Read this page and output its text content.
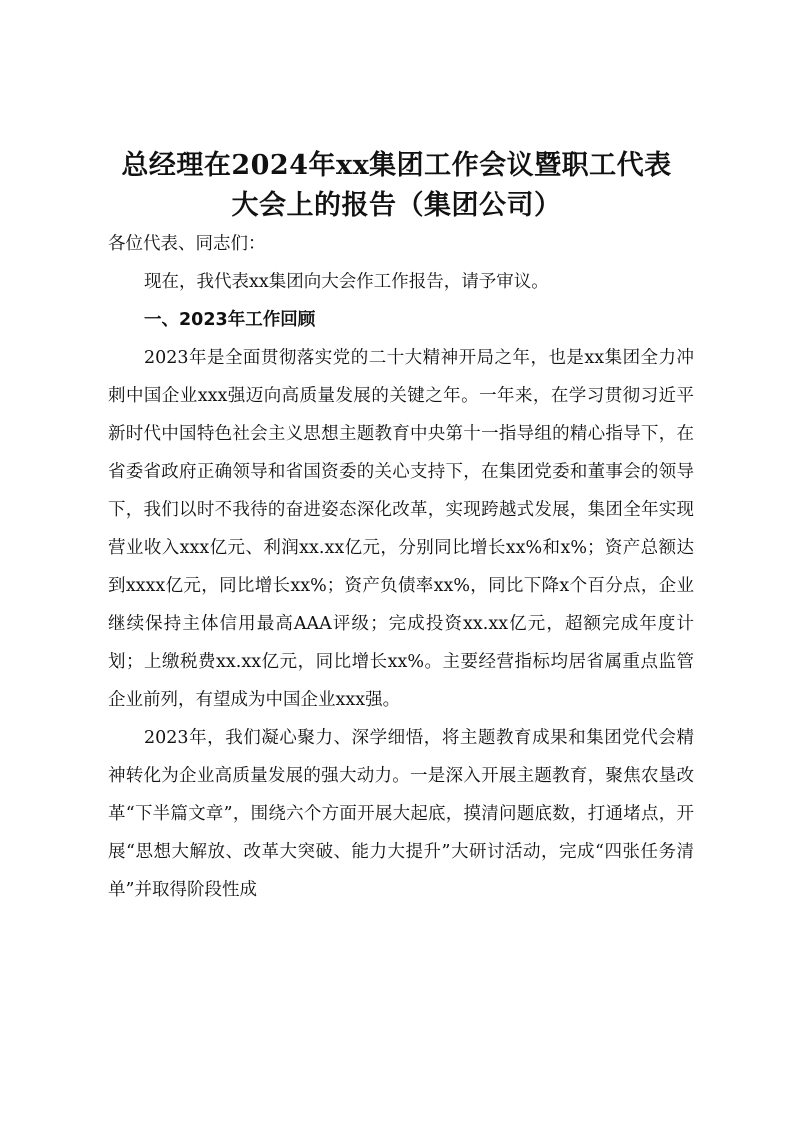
总经理在2024年xx集团工作会议暨职工代表
大会上的报告（集团公司）

各位代表、同志们：

现在，我代表xx集团向大会作工作报告，请予审议。

一、2023年工作回顾

2023年是全面贯彻落实党的二十大精神开局之年，也是xx集团全力冲刺中国企业xxx强迈向高质量发展的关键之年。一年来，在学习贯彻习近平新时代中国特色社会主义思想主题教育中央第十一指导组的精心指导下，在省委省政府正确领导和省国资委的关心支持下，在集团党委和董事会的领导下，我们以时不我待的奋进姿态深化改革，实现跨越式发展，集团全年实现营业收入xxx亿元、利润xx.xx亿元，分别同比增长xx%和x%；资产总额达到xxxx亿元，同比增长xx%；资产负债率xx%，同比下降x个百分点，企业继续保持主体信用最高AAA评级；完成投资xx.xx亿元，超额完成年度计划；上缴税费xx.xx亿元，同比增长xx%。主要经营指标均居省属重点监管企业前列，有望成为中国企业xxx强。

2023年，我们凝心聚力、深学细悟，将主题教育成果和集团党代会精神转化为企业高质量发展的强大动力。一是深入开展主题教育，聚焦农垦改革“下半篇文章”，围绕六个方面开展大起底，摸清问题底数，打通堵点，开展“思想大解放、改革大突破、能力大提升”大研讨活动，完成“四张任务清单”并取得阶段性成
